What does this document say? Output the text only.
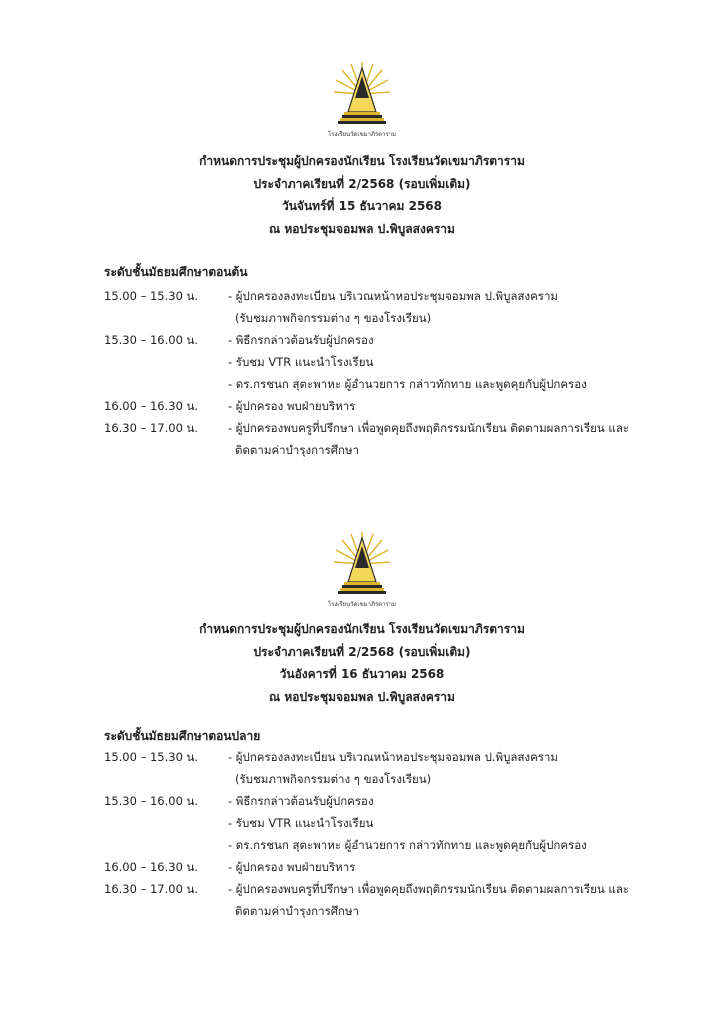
โรงเรียนวัดเขมาภิรตาราม
กำหนดการประชุมผู้ปกครองนักเรียน โรงเรียนวัดเขมาภิรตาราม
ประจำภาคเรียนที่ 2/2568 (รอบเพิ่มเติม)
วันจันทร์ที่ 15 ธันวาคม 2568
ณ หอประชุมจอมพล ป.พิบูลสงคราม
ระดับชั้นมัธยมศึกษาตอนต้น
15.00 – 15.30 น.	- ผู้ปกครองลงทะเบียน บริเวณหน้าหอประชุมจอมพล ป.พิบูลสงคราม
(รับชมภาพกิจกรรมต่าง ๆ ของโรงเรียน)
15.30 – 16.00 น.	- พิธีกรกล่าวต้อนรับผู้ปกครอง
- รับชม VTR แนะนำโรงเรียน
- ดร.กรชนก สุตะพาหะ ผู้อำนวยการ กล่าวทักทาย และพูดคุยกับผู้ปกครอง
16.00 – 16.30 น.	- ผู้ปกครอง พบฝ่ายบริหาร
16.30 – 17.00 น.	- ผู้ปกครองพบครูที่ปรึกษา เพื่อพูดคุยถึงพฤติกรรมนักเรียน ติดตามผลการเรียน และ
ติดตามค่าบำรุงการศึกษา
โรงเรียนวัดเขมาภิรตาราม
กำหนดการประชุมผู้ปกครองนักเรียน โรงเรียนวัดเขมาภิรตาราม
ประจำภาคเรียนที่ 2/2568 (รอบเพิ่มเติม)
วันอังคารที่ 16 ธันวาคม 2568
ณ หอประชุมจอมพล ป.พิบูลสงคราม
ระดับชั้นมัธยมศึกษาตอนปลาย
15.00 – 15.30 น.	- ผู้ปกครองลงทะเบียน บริเวณหน้าหอประชุมจอมพล ป.พิบูลสงคราม
(รับชมภาพกิจกรรมต่าง ๆ ของโรงเรียน)
15.30 – 16.00 น.	- พิธีกรกล่าวต้อนรับผู้ปกครอง
- รับชม VTR แนะนำโรงเรียน
- ดร.กรชนก สุตะพาหะ ผู้อำนวยการ กล่าวทักทาย และพูดคุยกับผู้ปกครอง
16.00 – 16.30 น.	- ผู้ปกครอง พบฝ่ายบริหาร
16.30 – 17.00 น.	- ผู้ปกครองพบครูที่ปรึกษา เพื่อพูดคุยถึงพฤติกรรมนักเรียน ติดตามผลการเรียน และ
ติดตามค่าบำรุงการศึกษา
